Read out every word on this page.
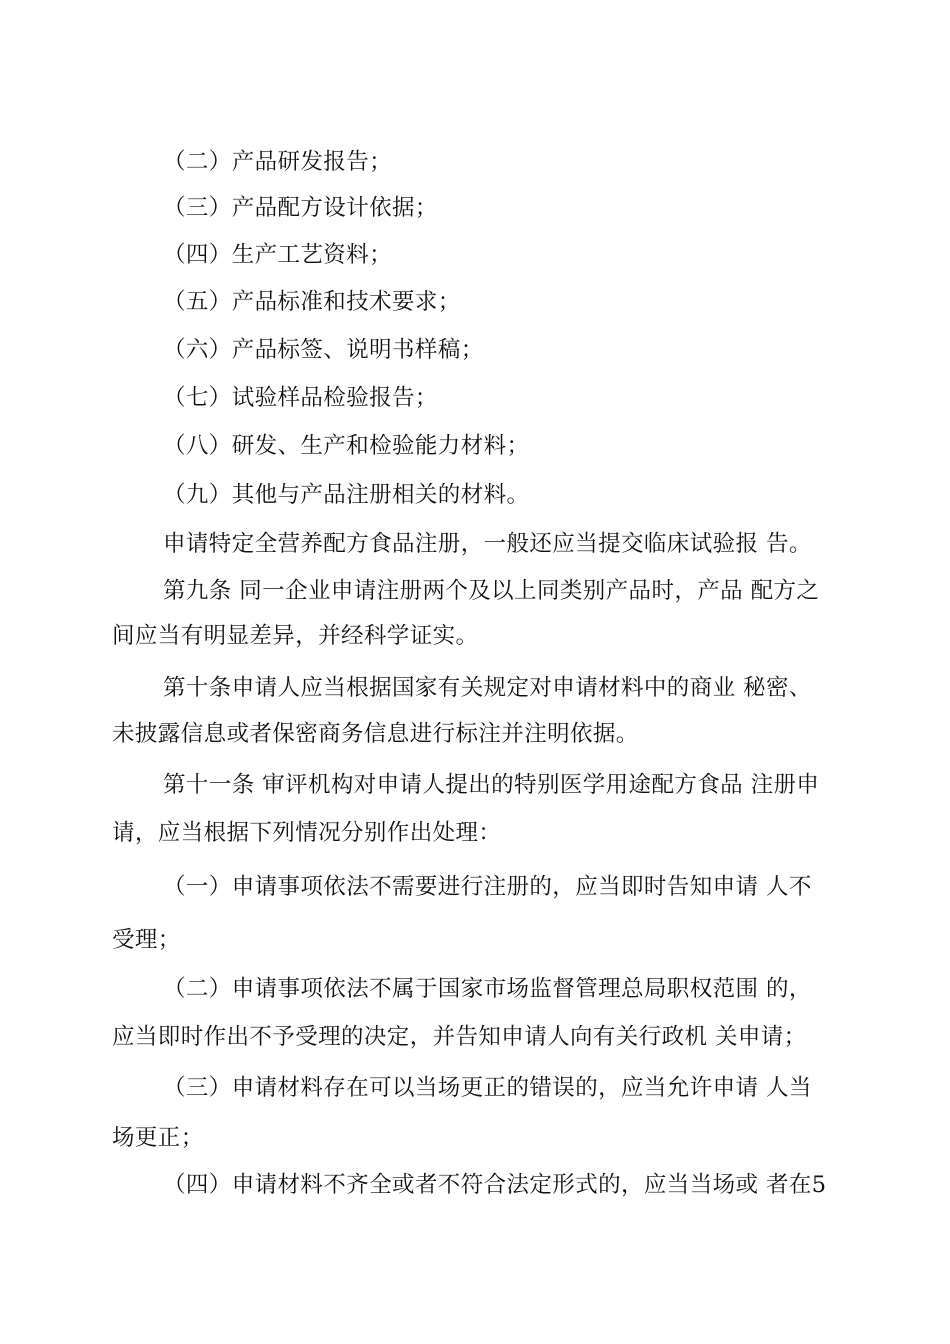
（二）产品研发报告；
（三）产品配方设计依据；
（四）生产工艺资料；
（五）产品标准和技术要求；
（六）产品标签、说明书样稿；
（七）试验样品检验报告；
（八）研发、生产和检验能力材料；
（九）其他与产品注册相关的材料。
申请特定全营养配方食品注册，一般还应当提交临床试验报 告。
第九条 同一企业申请注册两个及以上同类别产品时，产品 配方之
间应当有明显差异，并经科学证实。
第十条申请人应当根据国家有关规定对申请材料中的商业 秘密、
未披露信息或者保密商务信息进行标注并注明依据。
第十一条 审评机构对申请人提出的特别医学用途配方食品 注册申
请，应当根据下列情况分别作出处理：
（一）申请事项依法不需要进行注册的，应当即时告知申请 人不
受理；
（二）申请事项依法不属于国家市场监督管理总局职权范围 的，
应当即时作出不予受理的决定，并告知申请人向有关行政机 关申请；
（三）申请材料存在可以当场更正的错误的，应当允许申请 人当
场更正；
（四）申请材料不齐全或者不符合法定形式的，应当当场或 者在5
